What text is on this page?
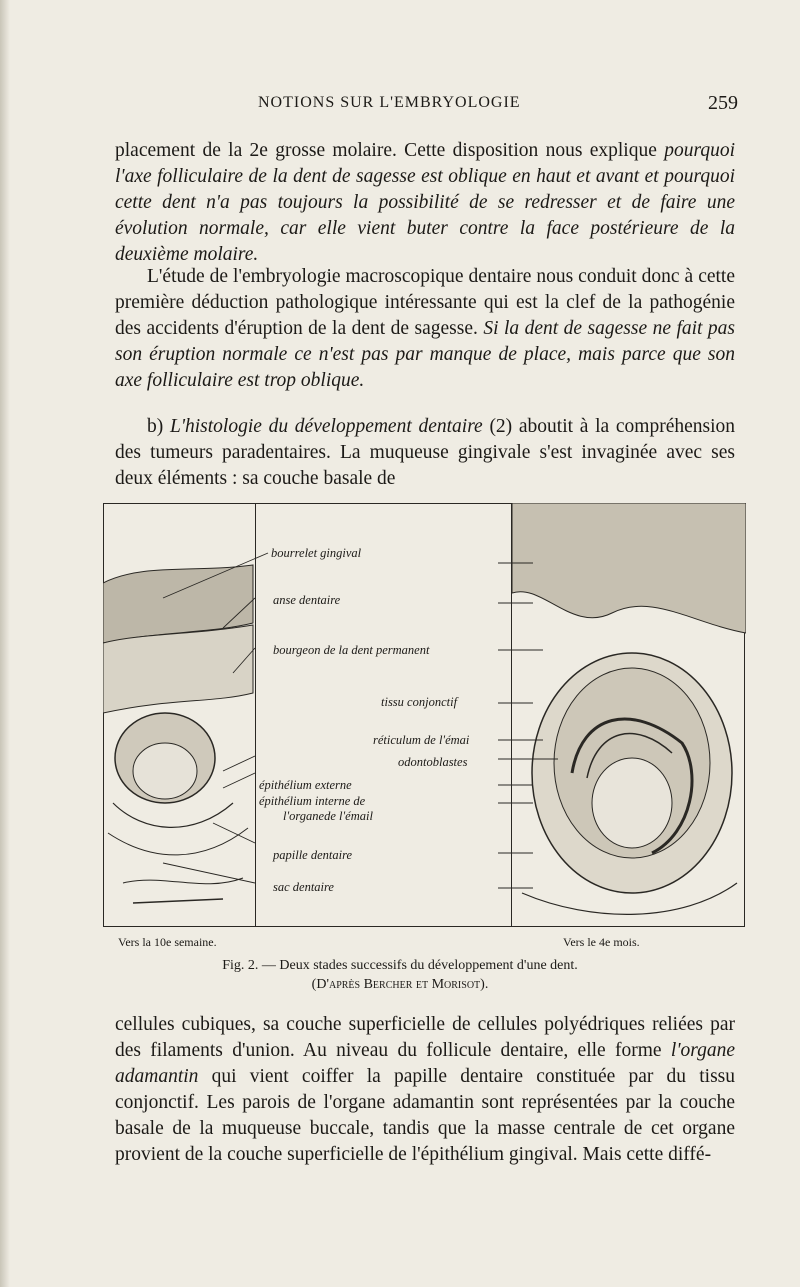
NOTIONS SUR L'EMBRYOLOGIE	259

placement de la 2e grosse molaire. Cette disposition nous explique pourquoi l'axe folliculaire de la dent de sagesse est oblique en haut et avant et pourquoi cette dent n'a pas toujours la possibilité de se redresser et de faire une évolution normale, car elle vient buter contre la face postérieure de la deuxième molaire.

L'étude de l'embryologie macroscopique dentaire nous conduit donc à cette première déduction pathologique intéressante qui est la clef de la pathogénie des accidents d'éruption de la dent de sagesse. Si la dent de sagesse ne fait pas son éruption normale ce n'est pas par manque de place, mais parce que son axe folliculaire est trop oblique.

b) L'histologie du développement dentaire (2) aboutit à la compréhension des tumeurs paradentaires. La muqueuse gingivale s'est invaginée avec ses deux éléments : sa couche basale de

bourrelet gingival
anse dentaire
bourgeon de la dent permanent
tissu conjonctif
réticulum de l'émai
odontoblastes
épithélium externe
épithélium interne de
l'organede l'émail
papille dentaire
sac dentaire
Vers la 10e semaine.	Vers le 4e mois.
Fig. 2. — Deux stades successifs du développement d'une dent.
(D'après Bercher et Morisot).

cellules cubiques, sa couche superficielle de cellules polyédriques reliées par des filaments d'union. Au niveau du follicule dentaire, elle forme l'organe adamantin qui vient coiffer la papille dentaire constituée par du tissu conjonctif. Les parois de l'organe adamantin sont représentées par la couche basale de la muqueuse buccale, tandis que la masse centrale de cet organe provient de la couche superficielle de l'épithélium gingival. Mais cette diffé-
